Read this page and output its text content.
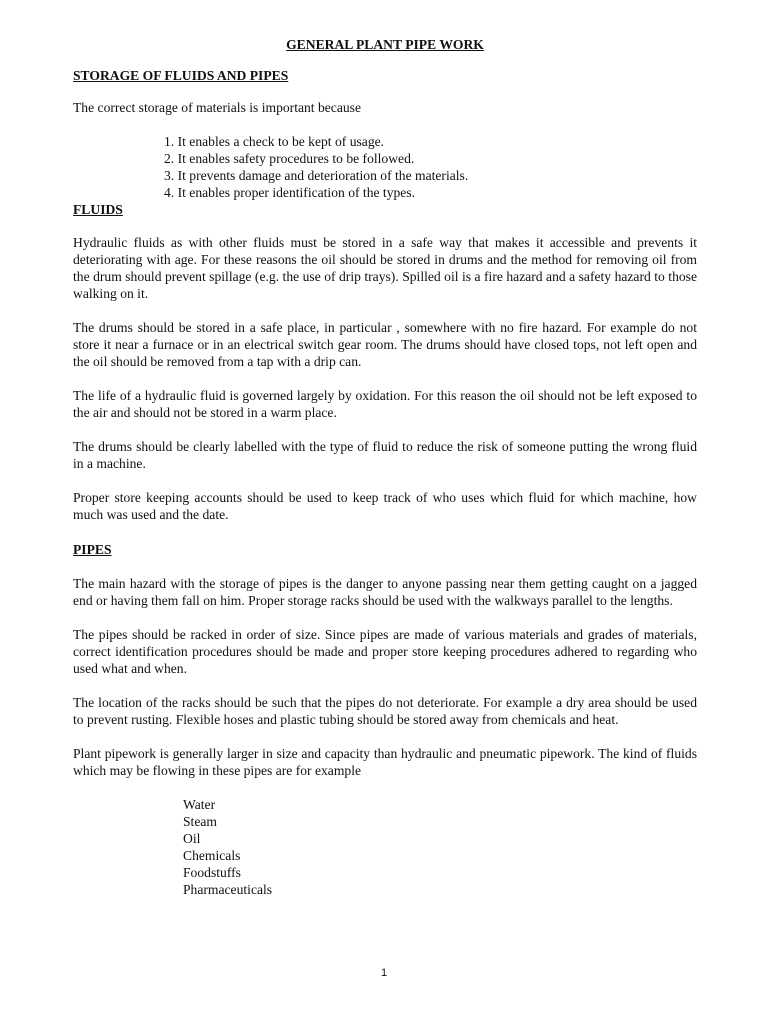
GENERAL PLANT PIPE WORK
STORAGE OF FLUIDS AND PIPES

The correct storage of materials is important because

1. It enables a check to be kept of usage.
2. It enables safety procedures to be followed.
3. It prevents damage and deterioration of the materials.
4. It enables proper identification of the types.
FLUIDS

Hydraulic fluids as with other fluids must be stored in a safe way that makes it accessible and prevents it deteriorating with age. For these reasons the oil should be stored in drums and the method for removing oil from the drum should prevent spillage (e.g. the use of drip trays). Spilled oil is a fire hazard and a safety hazard to those walking on it.

The drums should be stored in a safe place, in particular , somewhere with no fire hazard. For example do not store it near a furnace or in an electrical switch gear room. The drums should have closed tops, not left open and the oil should be removed from a tap with a drip can.

The life of a hydraulic fluid is governed largely by oxidation. For this reason the oil should not be left exposed to the air and should not be stored in a warm place.

The drums should be clearly labelled with the type of fluid to reduce the risk of someone putting the wrong fluid in a machine.

Proper store keeping accounts should be used to keep track of who uses which fluid for which machine, how much was used and the date.

PIPES

The main hazard with the storage of pipes is the danger to anyone passing near them getting caught on a jagged end or having them fall on him. Proper storage racks should be used with the walkways parallel to the lengths.

The pipes should be racked in order of size. Since pipes are made of various materials and grades of materials, correct identification procedures should be made and proper store keeping procedures adhered to regarding who used what and when.

The location of the racks should be such that the pipes do not deteriorate. For example a dry area should be used to prevent rusting. Flexible hoses and plastic tubing should be stored away from chemicals and heat.

Plant pipework is generally larger in size and capacity than hydraulic and pneumatic pipework. The kind of fluids which may be flowing in these pipes are for example

Water
Steam
Oil
Chemicals
Foodstuffs
Pharmaceuticals
1
